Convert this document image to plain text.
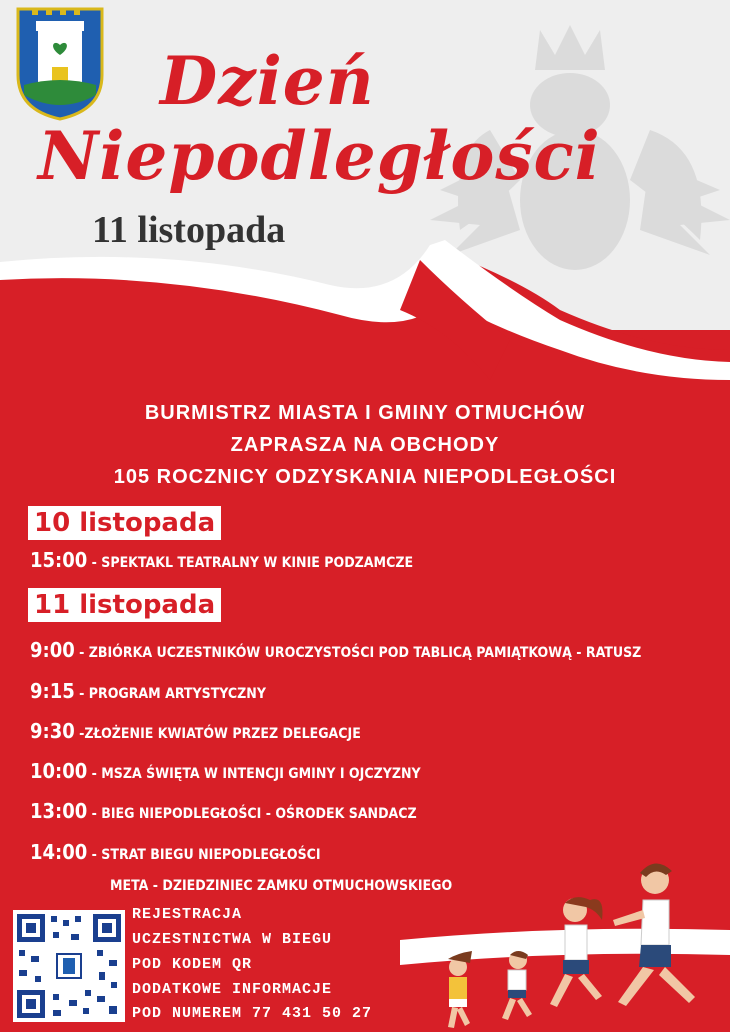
Dzień
Niepodległości
11 listopada
BURMISTRZ MIASTA I GMINY OTMUCHÓW
ZAPRASZA NA OBCHODY
105 ROCZNICY ODZYSKANIA NIEPODLEGŁOŚCI
10 listopada
15:00 - SPEKTAKL TEATRALNY W KINIE PODZAMCZE
11 listopada
9:00 - ZBIÓRKA UCZESTNIKÓW UROCZYSTOŚCI POD TABLICĄ PAMIĄTKOWĄ - RATUSZ
9:15 - PROGRAM ARTYSTYCZNY
9:30 -ZŁOŻENIE KWIATÓW PRZEZ DELEGACJE
10:00 - MSZA ŚWIĘTA W INTENCJI GMINY I OJCZYZNY
13:00 - BIEG NIEPODLEGŁOŚCI - OŚRODEK SANDACZ
14:00 - STRAT BIEGU NIEPODLEGŁOŚCI
META - DZIEDZINIEC ZAMKU OTMUCHOWSKIEGO
REJESTRACJA
UCZESTNICTWA W BIEGU
POD KODEM QR
DODATKOWE INFORMACJE
POD NUMEREM 77 431 50 27
